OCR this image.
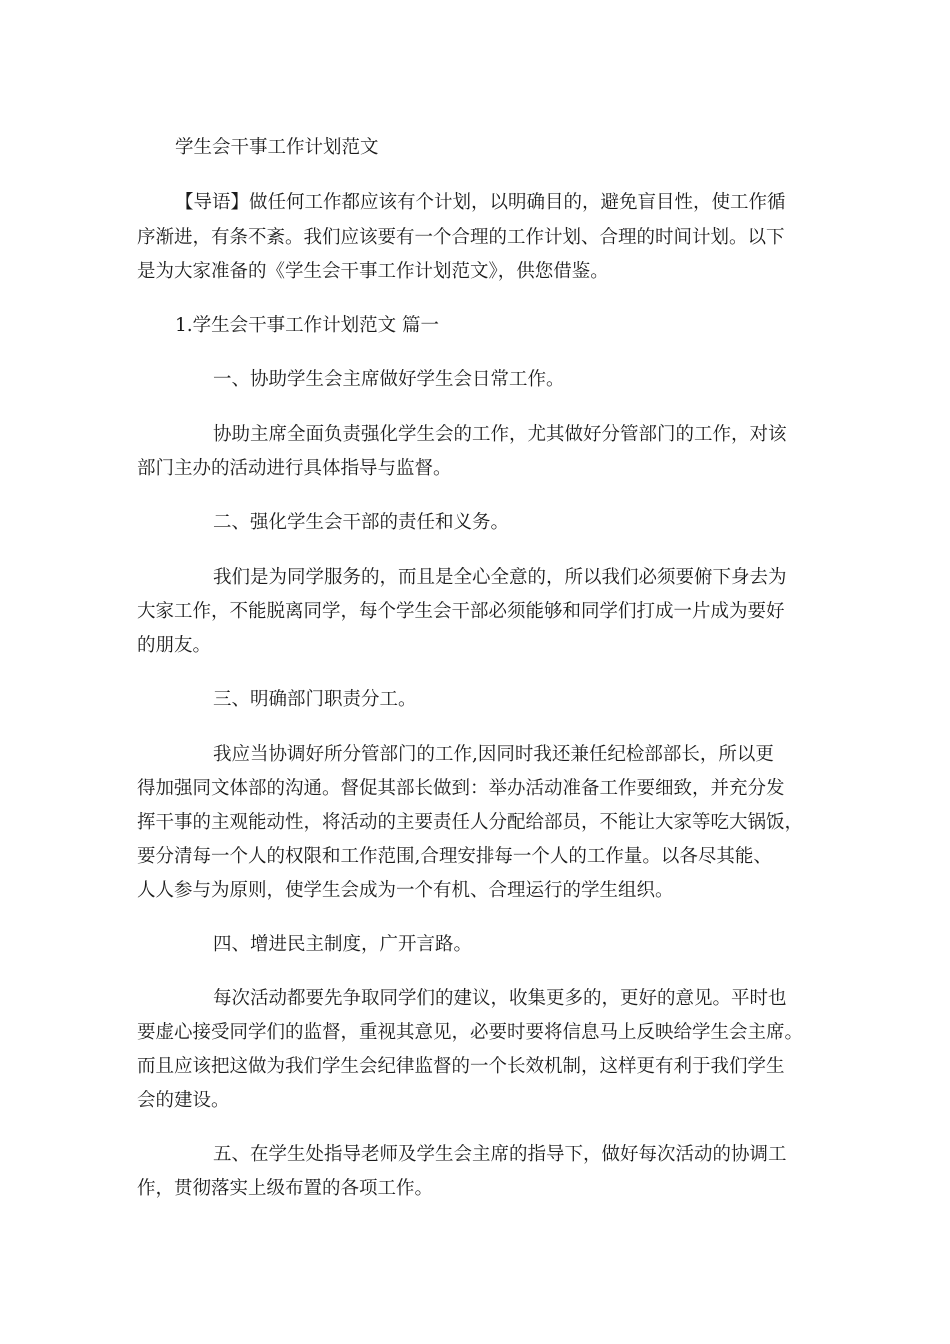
学生会干事工作计划范文

【导语】做任何工作都应该有个计划，以明确目的，避免盲目性，使工作循

序渐进，有条不紊。我们应该要有一个合理的工作计划、合理的时间计划。以下

是为大家准备的《学生会干事工作计划范文》，供您借鉴。

1.学生会干事工作计划范文 篇一

一、协助学生会主席做好学生会日常工作。

协助主席全面负责强化学生会的工作，尤其做好分管部门的工作，对该

部门主办的活动进行具体指导与监督。

二、强化学生会干部的责任和义务。

我们是为同学服务的，而且是全心全意的，所以我们必须要俯下身去为

大家工作，不能脱离同学，每个学生会干部必须能够和同学们打成一片成为要好

的朋友。

三、明确部门职责分工。

我应当协调好所分管部门的工作,因同时我还兼任纪检部部长，所以更

得加强同文体部的沟通。督促其部长做到：举办活动准备工作要细致，并充分发

挥干事的主观能动性，将活动的主要责任人分配给部员，不能让大家等吃大锅饭，

要分清每一个人的权限和工作范围,合理安排每一个人的工作量。以各尽其能、

人人参与为原则，使学生会成为一个有机、合理运行的学生组织。

四、增进民主制度，广开言路。

每次活动都要先争取同学们的建议，收集更多的，更好的意见。平时也

要虚心接受同学们的监督，重视其意见，必要时要将信息马上反映给学生会主席。

而且应该把这做为我们学生会纪律监督的一个长效机制，这样更有利于我们学生

会的建设。

五、在学生处指导老师及学生会主席的指导下，做好每次活动的协调工

作，贯彻落实上级布置的各项工作。
